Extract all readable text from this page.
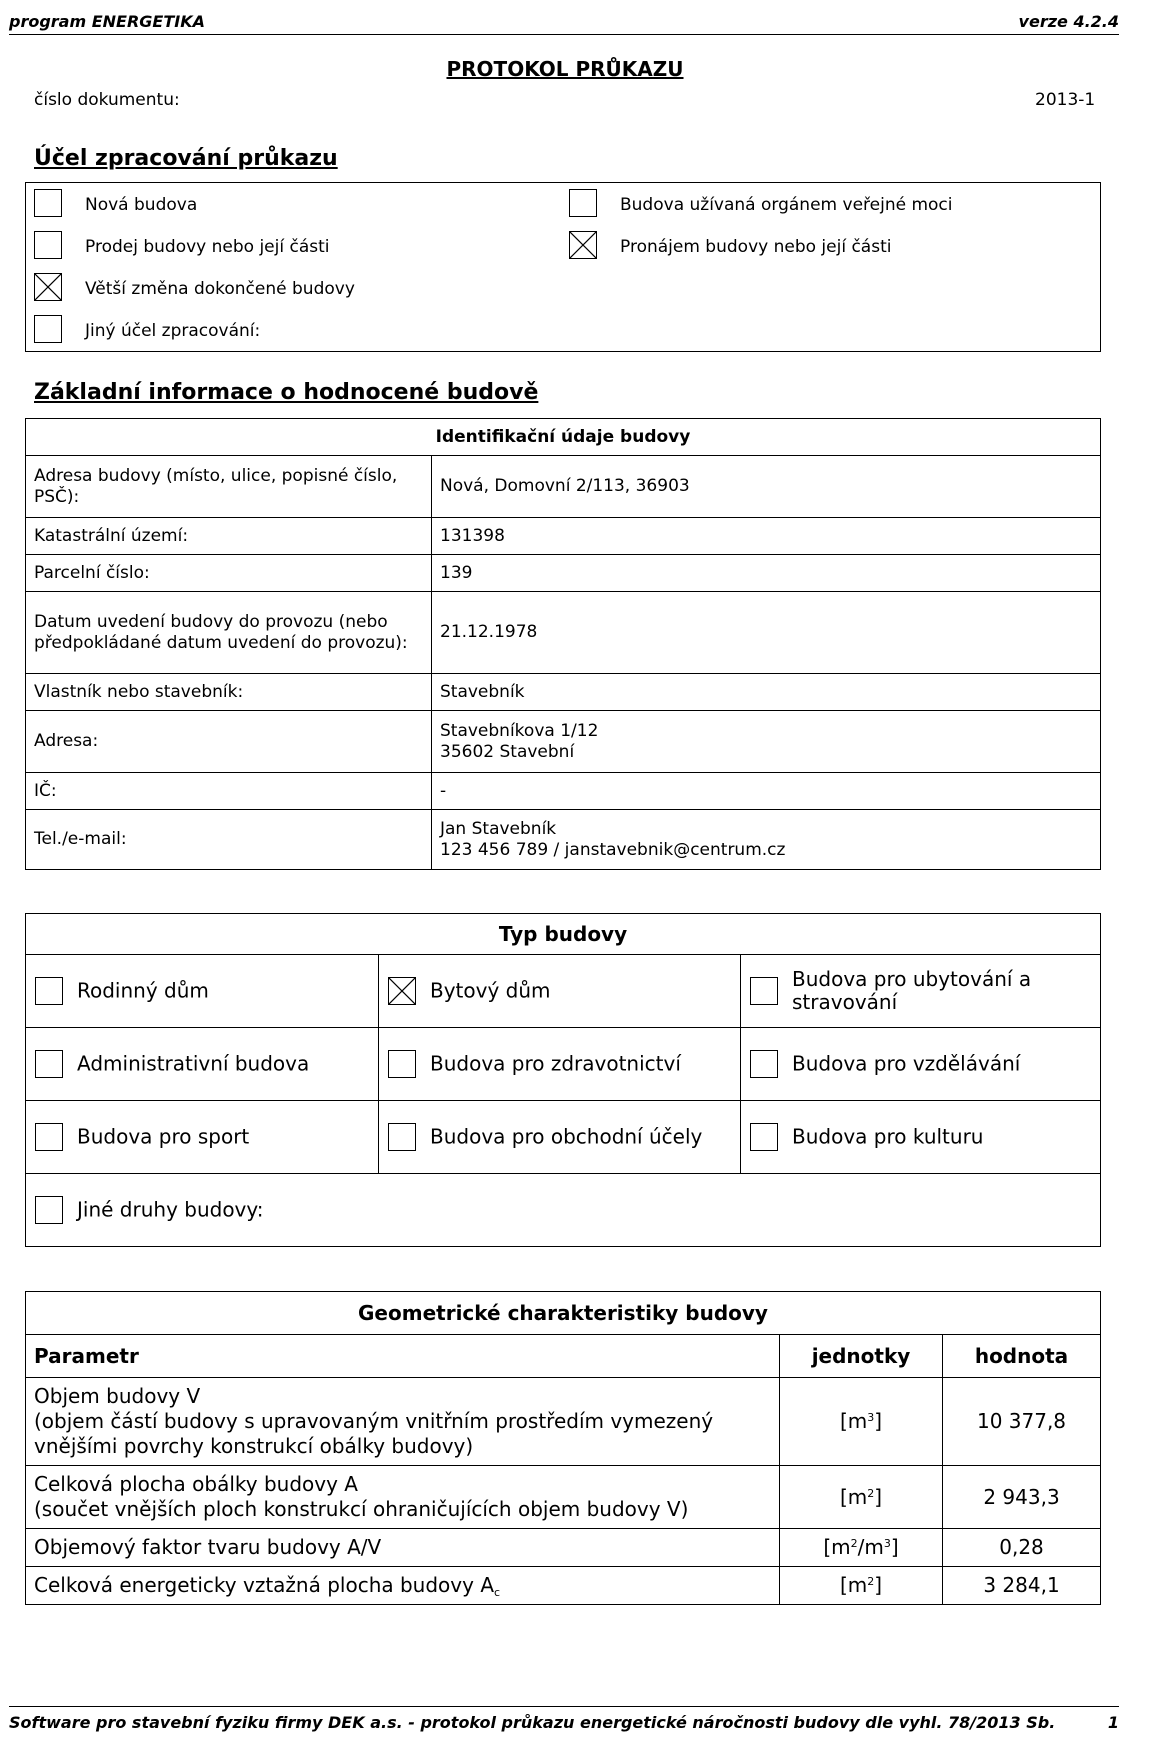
program ENERGETIKA	verze 4.2.4
PROTOKOL PRŮKAZU
číslo dokumentu:	2013-1
Účel zpracování průkazu
Nová budova	Budova užívaná orgánem veřejné moci
Prodej budovy nebo její části	Pronájem budovy nebo její části
Větší změna dokončené budovy
Jiný účel zpracování:
Základní informace o hodnocené budově
Identifikační údaje budovy	
Adresa budovy (místo, ulice, popisné číslo, PSČ):	Nová, Domovní 2/113, 36903
Katastrální území:	131398
Parcelní číslo:	139
Datum uvedení budovy do provozu (nebo předpokládané datum uvedení do provozu):	21.12.1978
Vlastník nebo stavebník:	Stavebník
Adresa:	Stavebníkova 1/12
35602 Stavební

IČ:	-
Tel./e-mail:	Jan Stavebník
123 456 789 / janstavebnik@centrum.cz
Typ budovy		

Rodinný dům	Bytový dům	Budova pro ubytování a stravování

Administrativní budova	Budova pro zdravotnictví	Budova pro vzdělávání

Budova pro sport	Budova pro obchodní účely	Budova pro kulturu

Jiné druhy budovy:		
Geometrické charakteristiky budovy		
Parametr	jednotky	hodnota

Objem budovy V
(objem částí budovy s upravovaným vnitřním prostředím vymezený vnějšími povrchy konstrukcí obálky budovy)	$[m^3]$	10 377,8

Celková plocha obálky budovy A
(součet vnějších ploch konstrukcí ohraničujících objem budovy V)	$[m^2]$	2 943,3

Objemový faktor tvaru budovy A/V	$[m^2/m^3]$	0,28

Celková energeticky vztažná plocha budovy $A_c$	$[m^2]$	3 284,1
Software pro stavební fyziku firmy DEK a.s. - protokol průkazu energetické náročnosti budovy dle vyhl. 78/2013 Sb.	1
